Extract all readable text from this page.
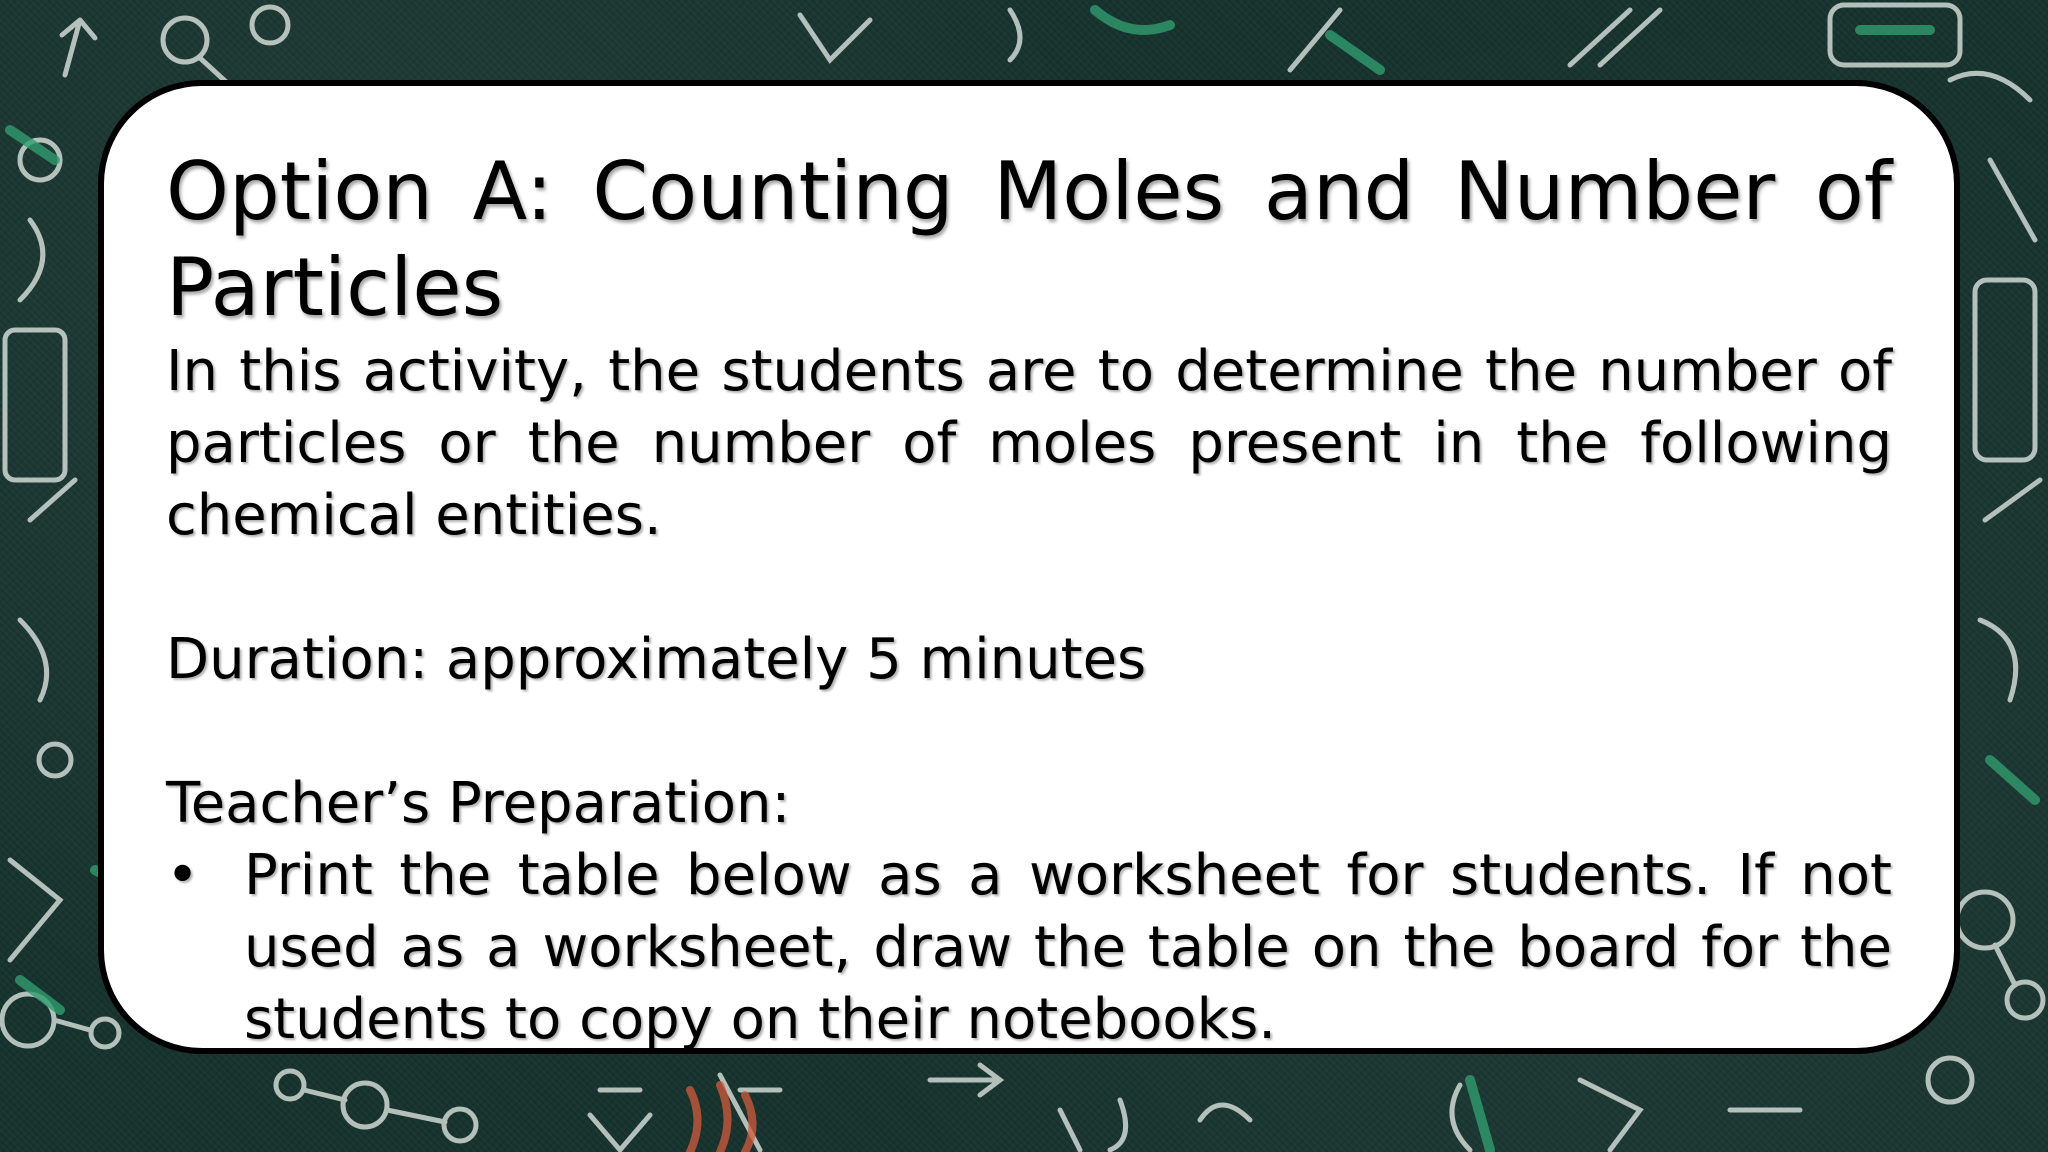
Option A: Counting Moles and Number of Particles

In this activity, the students are to determine the number of particles or the number of moles present in the following chemical entities.

Duration: approximately 5 minutes

Teacher’s Preparation:

• Print the table below as a worksheet for students. If not used as a worksheet, draw the table on the board for the students to copy on their notebooks.
